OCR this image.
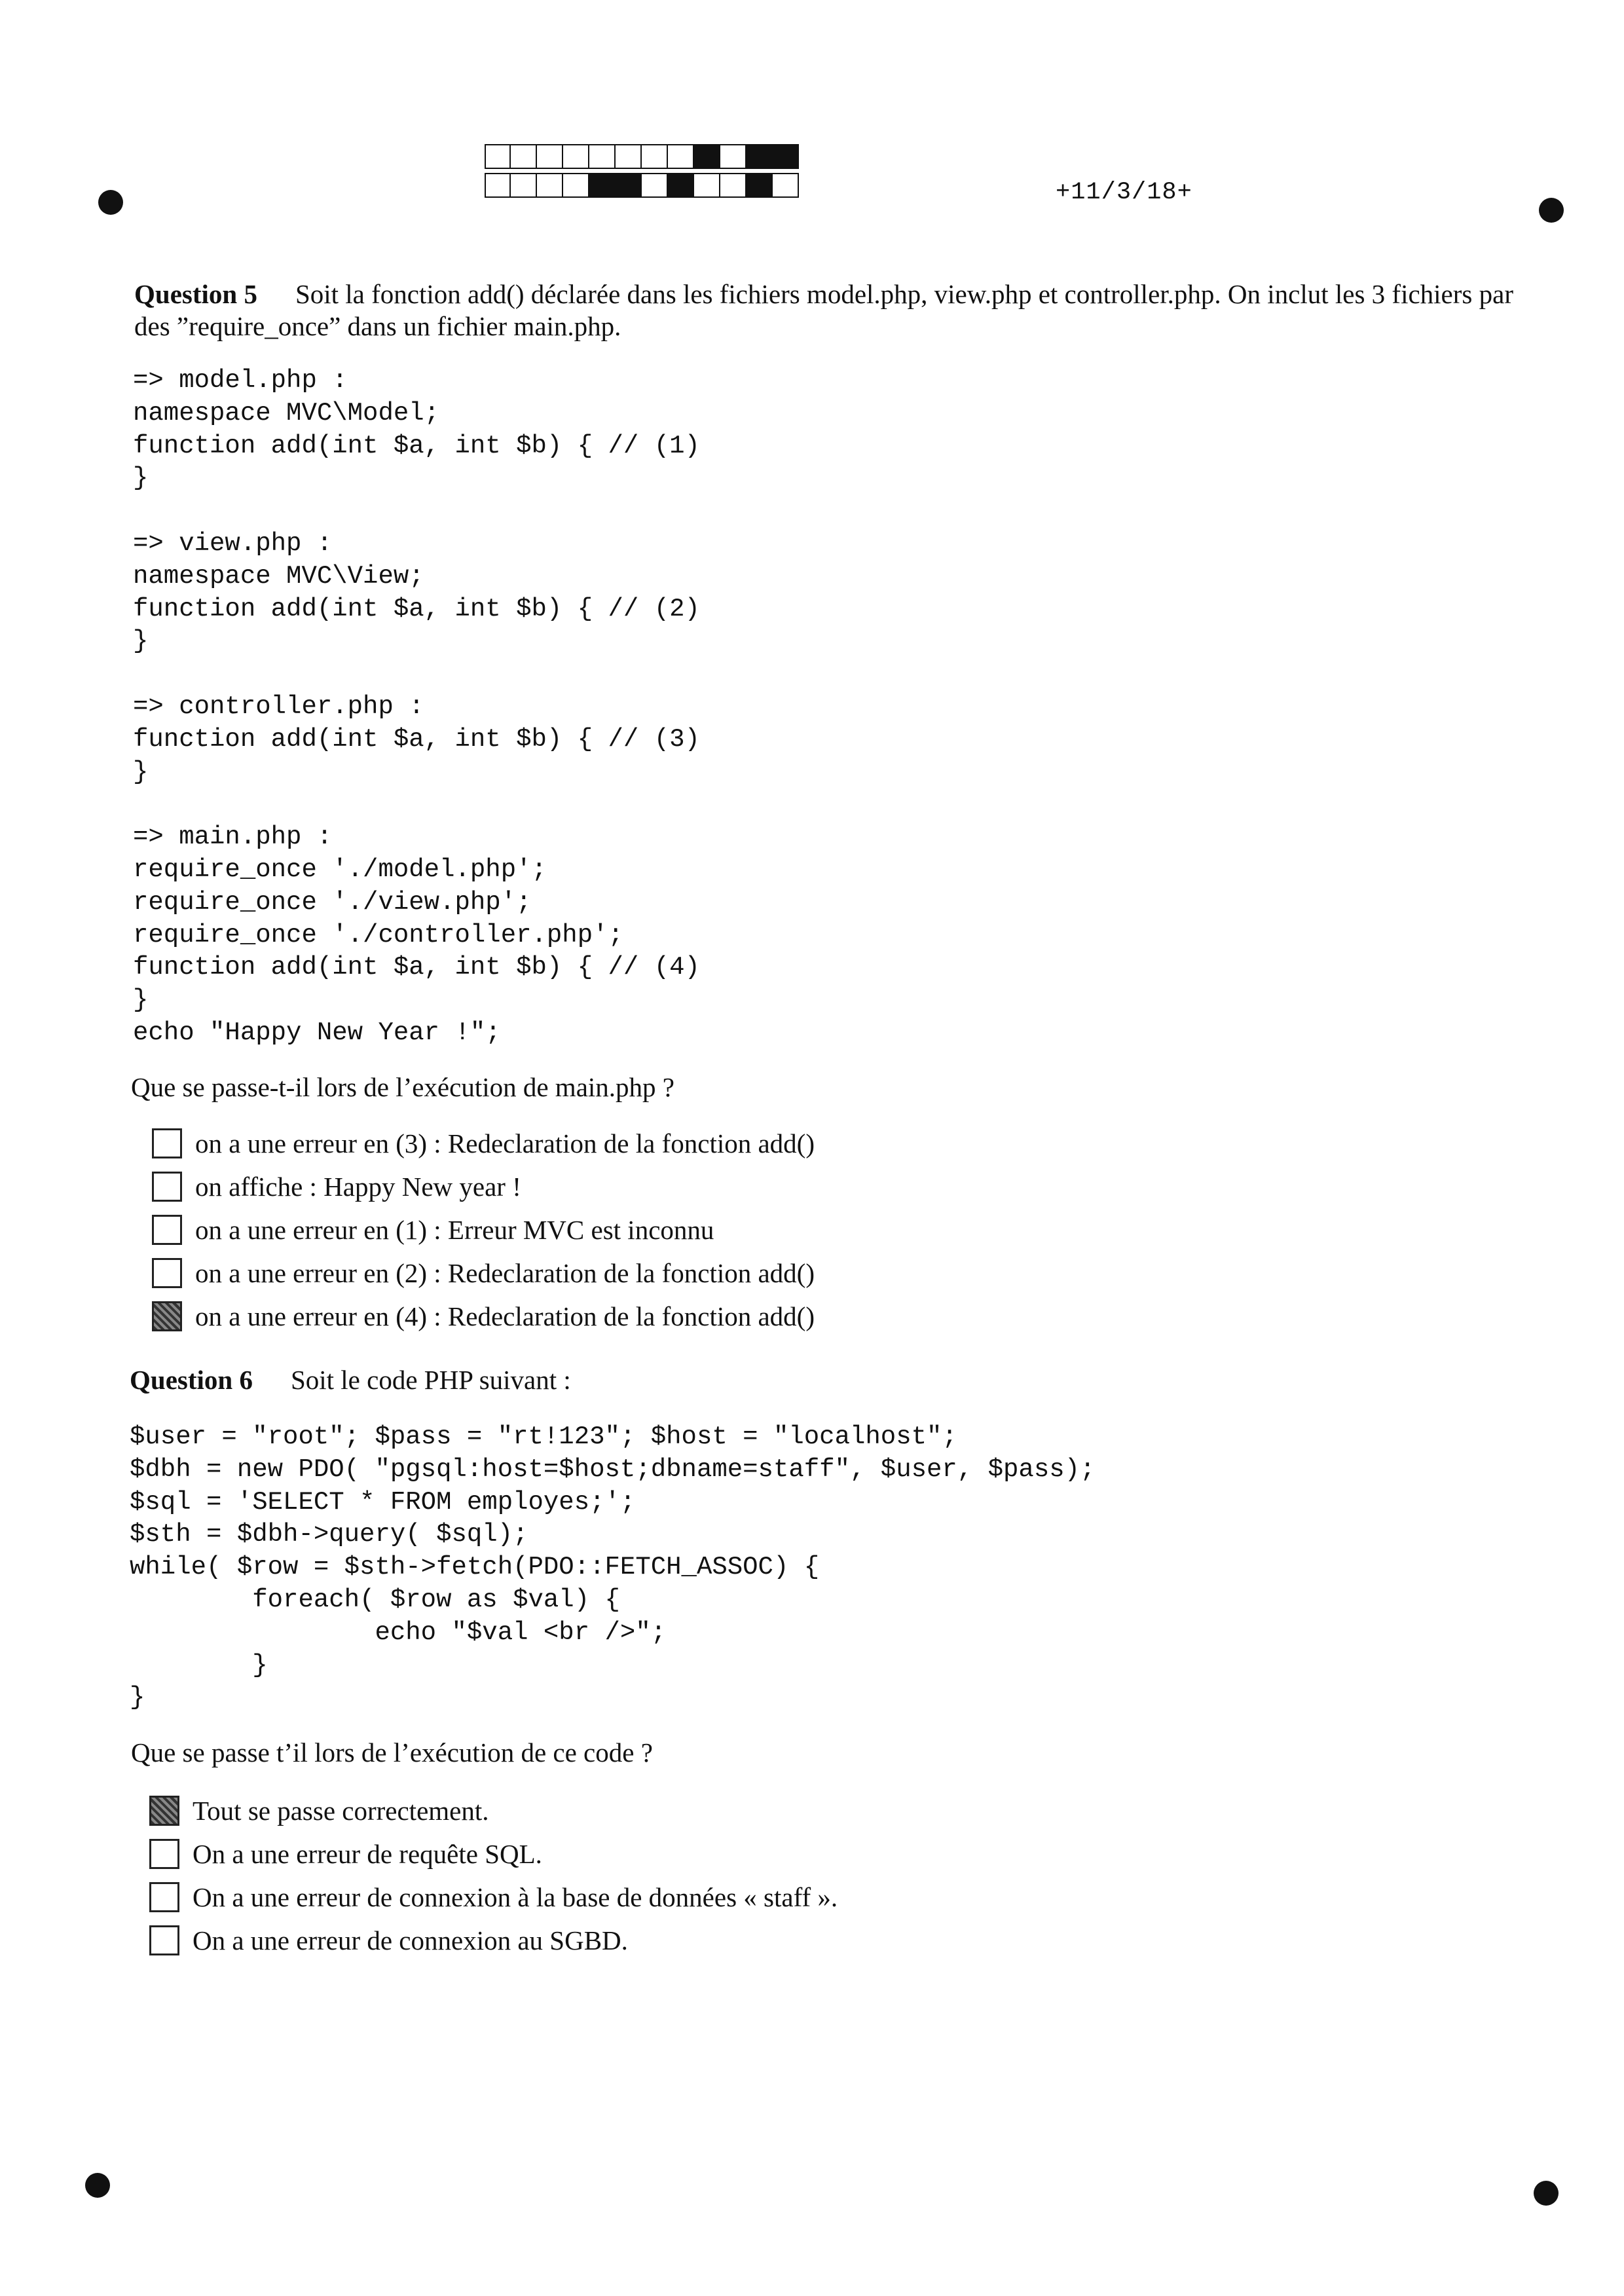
+11/3/18+
Question 5 Soit la fonction add() déclarée dans les fichiers model.php, view.php et controller.php. On inclut les 3 fichiers par des ”require_once” dans un fichier main.php.
=> model.php :
namespace MVC\Model;
function add(int $a, int $b) { // (1)
}

=> view.php :
namespace MVC\View;
function add(int $a, int $b) { // (2)
}

=> controller.php :
function add(int $a, int $b) { // (3)
}

=> main.php :
require_once './model.php';
require_once './view.php';
require_once './controller.php';
function add(int $a, int $b) { // (4)
}
echo "Happy New Year !";
Que se passe-t-il lors de l’exécution de main.php ?
on a une erreur en (3) : Redeclaration de la fonction add()
on affiche : Happy New year !
on a une erreur en (1) : Erreur MVC est inconnu
on a une erreur en (2) : Redeclaration de la fonction add()
on a une erreur en (4) : Redeclaration de la fonction add()
Question 6 Soit le code PHP suivant :
$user = "root"; $pass = "rt!123"; $host = "localhost";
$dbh = new PDO( "pgsql:host=$host;dbname=staff", $user, $pass);
$sql = 'SELECT * FROM employes;';
$sth = $dbh->query( $sql);
while( $row = $sth->fetch(PDO::FETCH_ASSOC) {
foreach( $row as $val) {
echo "$val <br />";
}
}
Que se passe t’il lors de l’exécution de ce code ?
Tout se passe correctement.
On a une erreur de requête SQL.
On a une erreur de connexion à la base de données « staff ».
On a une erreur de connexion au SGBD.
